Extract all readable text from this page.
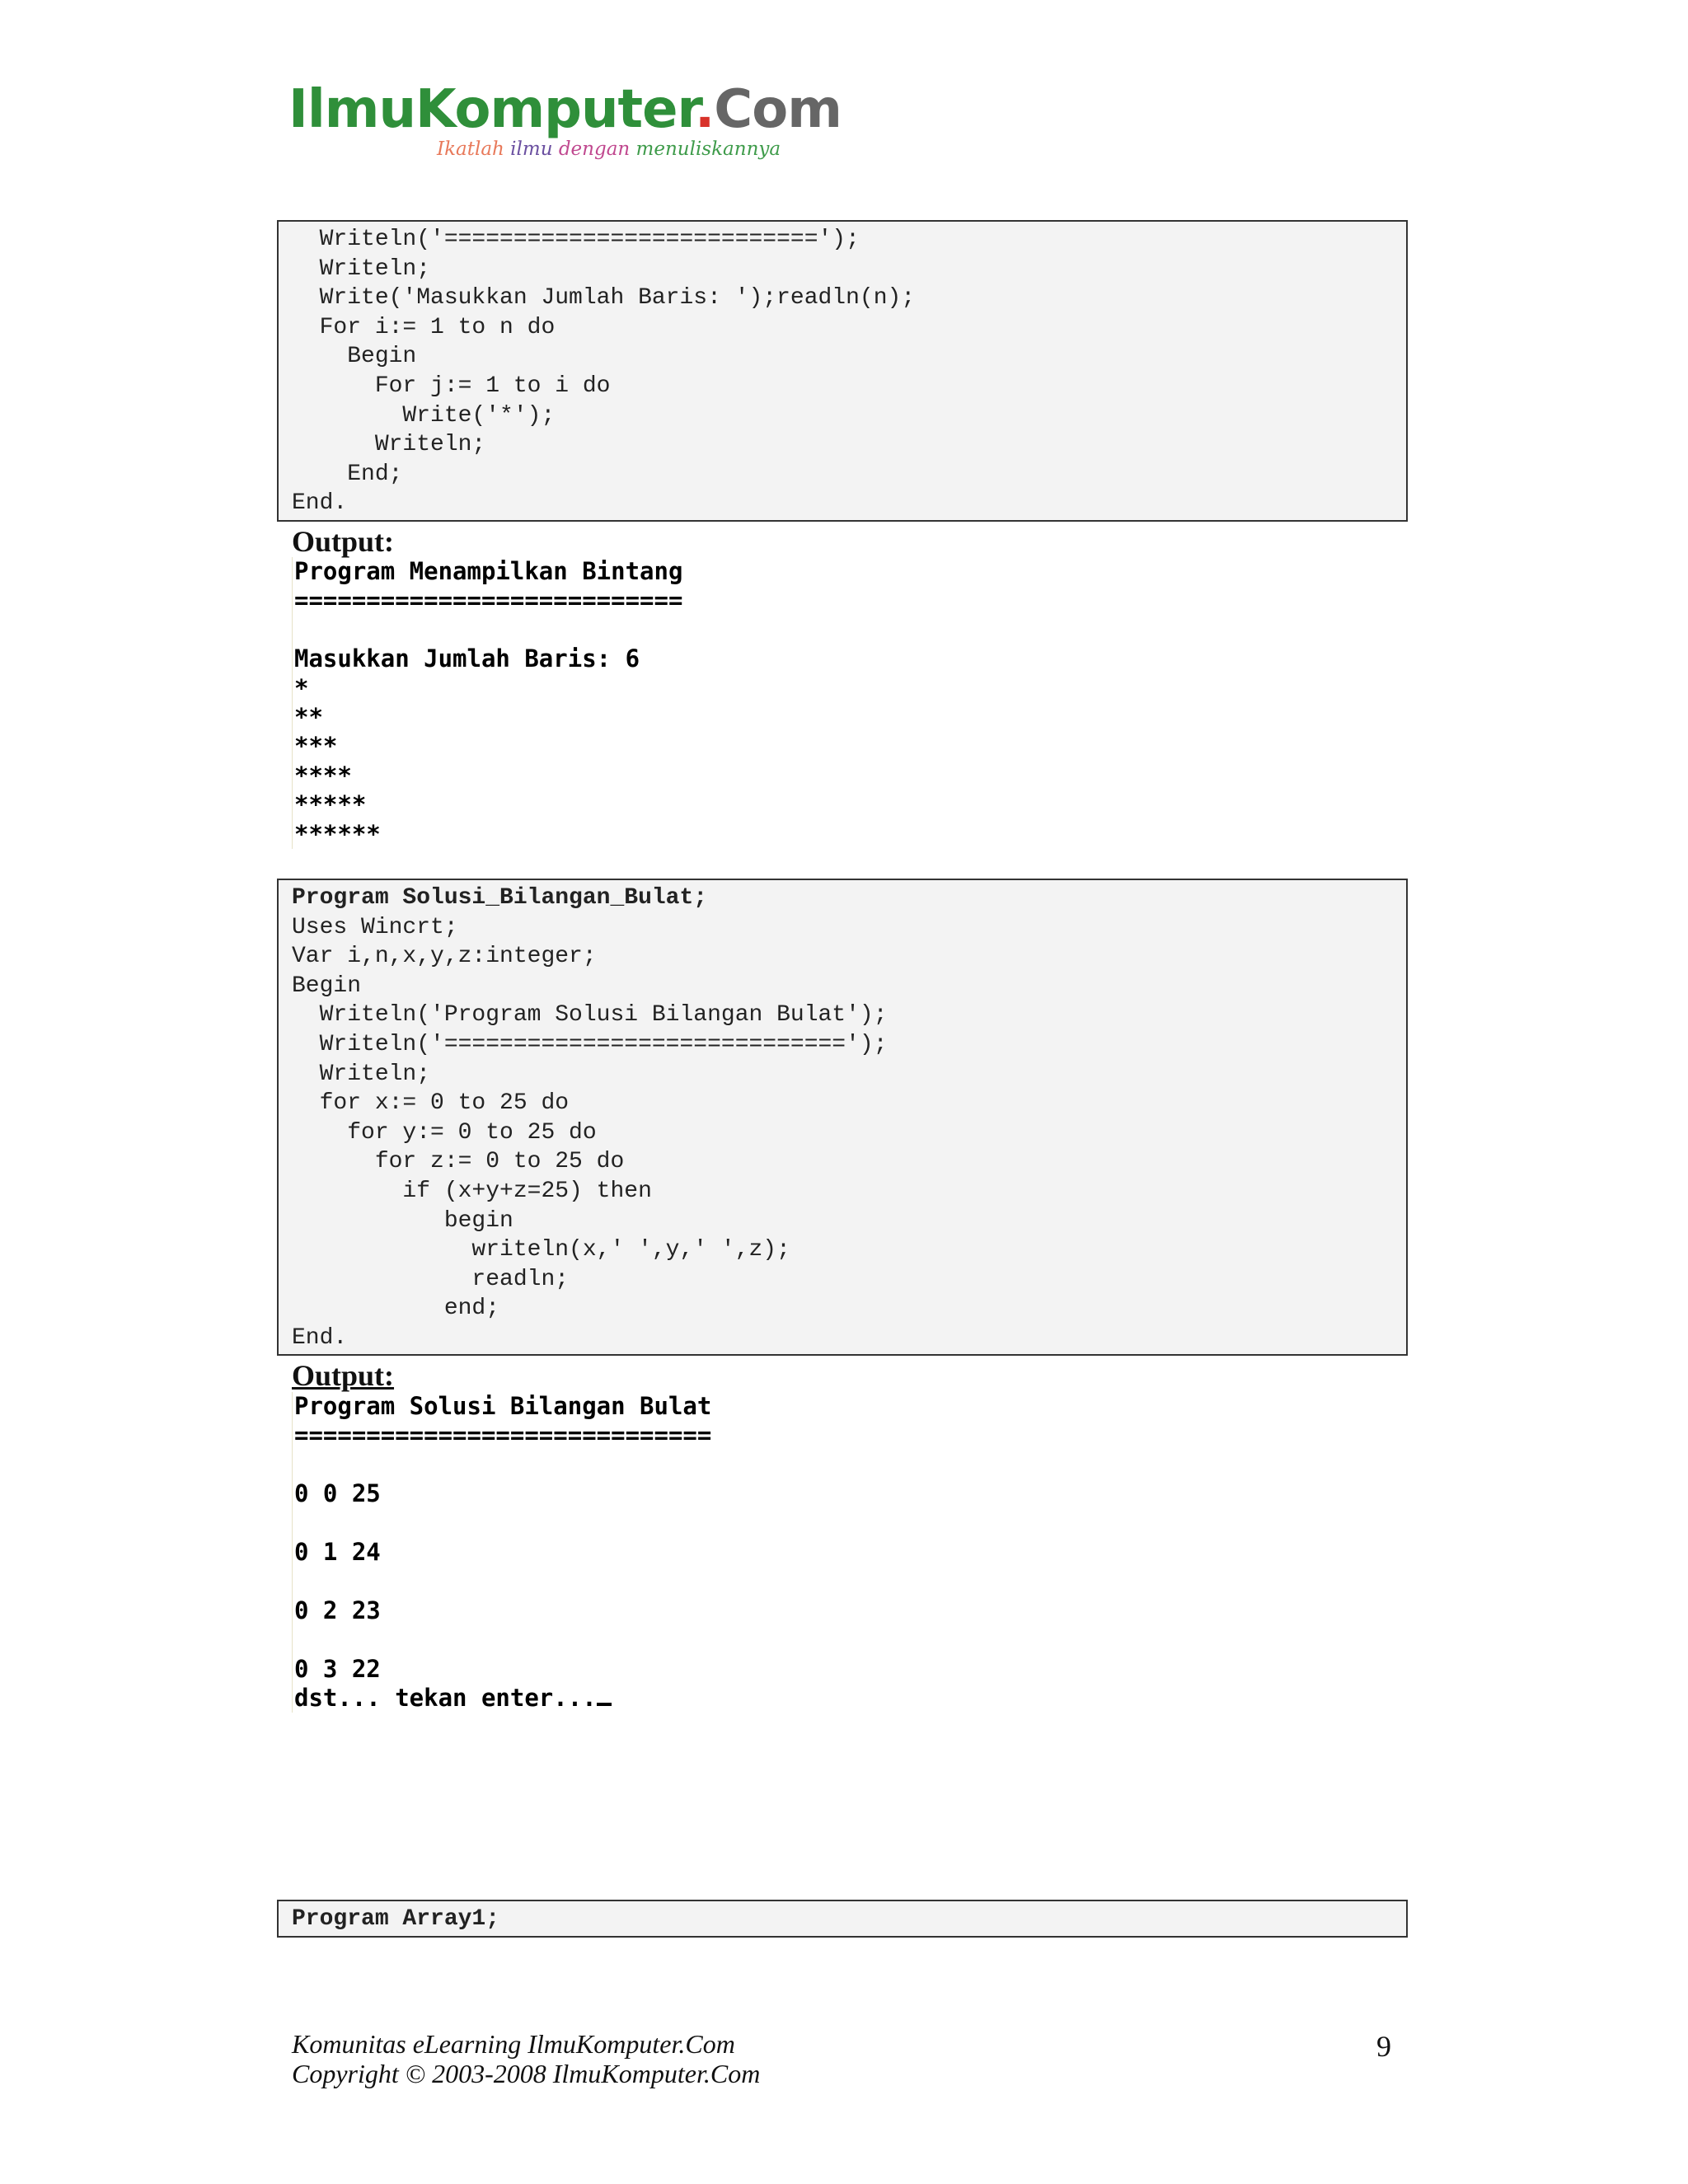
IlmuKomputer.Com
Ikatlah ilmu dengan menuliskannya
Writeln('===========================');
Writeln;
Write('Masukkan Jumlah Baris: ');readln(n);
For i:= 1 to n do
Begin
For j:= 1 to i do
Write('*');
Writeln;
End;
End.
Output:
Program Menampilkan Bintang
===========================

Masukkan Jumlah Baris: 6
*
**
***
****
*****
******
Program Solusi_Bilangan_Bulat;
Uses Wincrt;
Var i,n,x,y,z:integer;
Begin
Writeln('Program Solusi Bilangan Bulat');
Writeln('=============================');
Writeln;
for x:= 0 to 25 do
for y:= 0 to 25 do
for z:= 0 to 25 do
if (x+y+z=25) then
begin
writeln(x,' ',y,' ',z);
readln;
end;
End.
Output:
Program Solusi Bilangan Bulat
=============================

0 0 25

0 1 24

0 2 23

0 3 22
dst... tekan enter...
Program Array1;
Komunitas eLearning IlmuKomputer.Com
Copyright © 2003-2008 IlmuKomputer.Com
9
